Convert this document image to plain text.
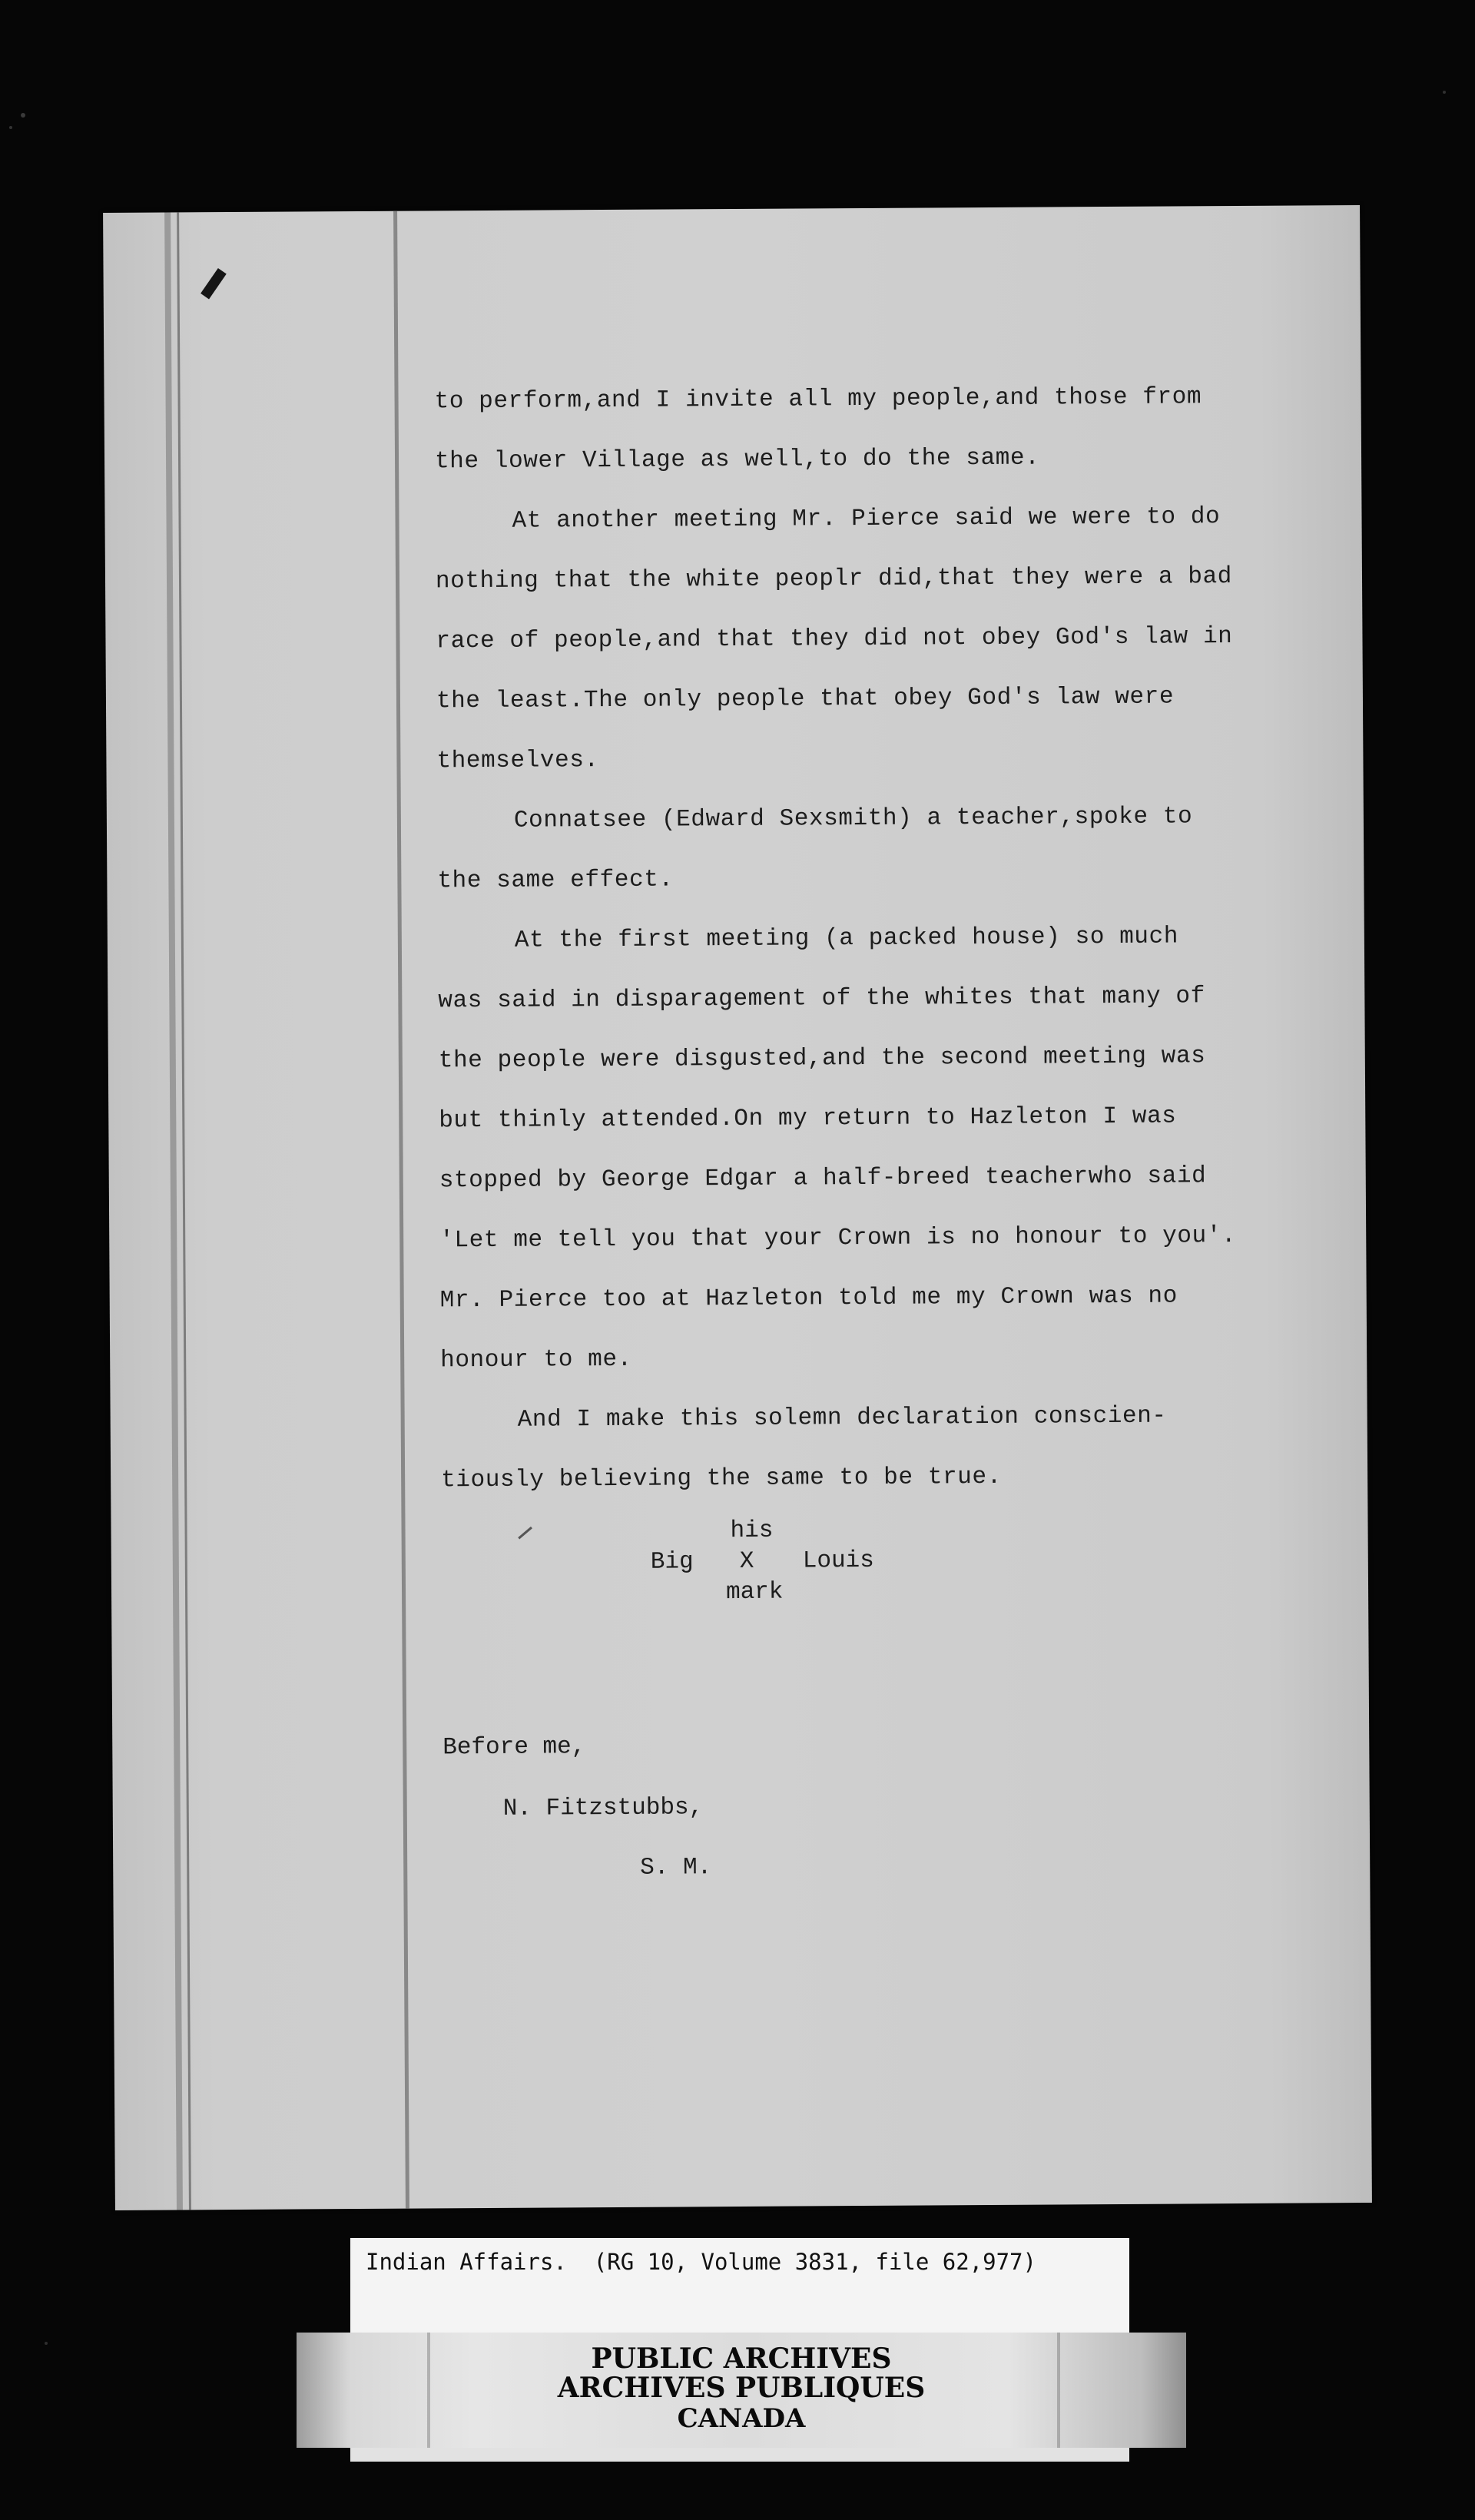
❚
to perform,and I invite all my people,and those from
the lower Village as well,to do the same.
At another meeting Mr. Pierce said we were to do
nothing that the white peoplr did,that they were a bad
race of people,and that they did not obey God's law in
the least.The only people that obey God's law were
themselves.
Connatsee (Edward Sexsmith) a teacher,spoke to
the same effect.
At the first meeting (a packed house) so much
was said in disparagement of the whites that many of
the people were disgusted,and the second meeting was
but thinly attended.On my return to Hazleton I was
stopped by George Edgar a half-breed teacherwho said
'Let me tell you that your Crown is no honour to you'.
Mr. Pierce too at Hazleton told me my Crown was no
honour to me.
And I make this solemn declaration conscien-
tiously believing the same to be true.
his
Big X Louis
mark
Before me,
N. Fitzstubbs,
S. M.
Indian Affairs.  (RG 10, Volume 3831, file 62,977)
PUBLIC ARCHIVES
ARCHIVES PUBLIQUES
CANADA
